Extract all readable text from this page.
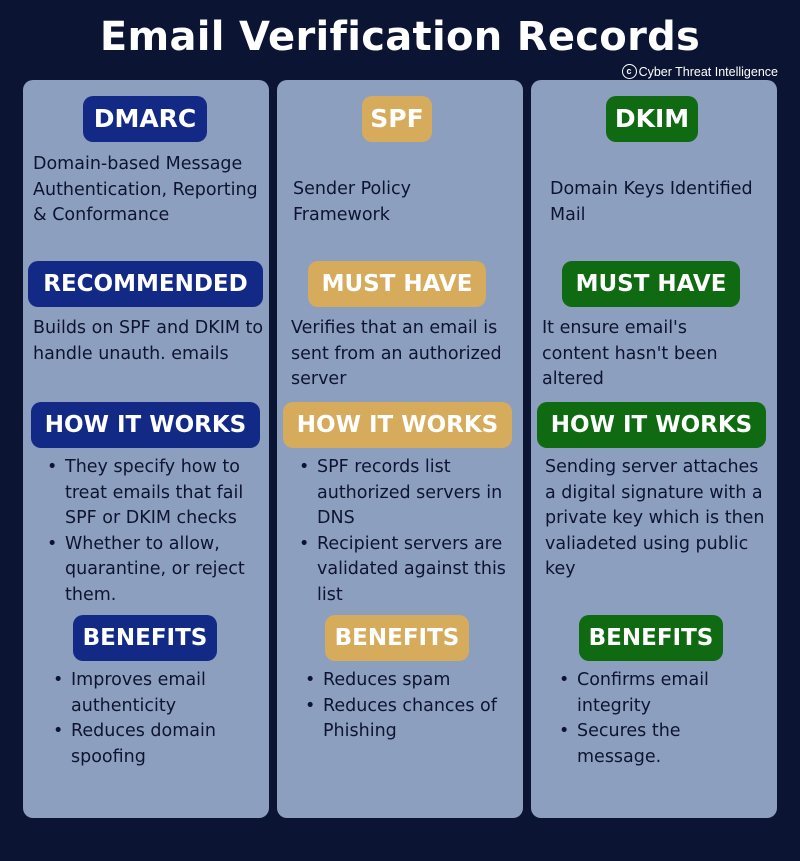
Email Verification Records
c Cyber Threat Intelligence
DMARC
Domain-based Message Authentication, Reporting & Conformance
RECOMMENDED
Builds on SPF and DKIM to handle unauth. emails
HOW IT WORKS
• They specify how to treat emails that fail SPF or DKIM checks
• Whether to allow, quarantine, or reject them.
BENEFITS
• Improves email authenticity
• Reduces domain spoofing
SPF
Sender Policy Framework
MUST HAVE
Verifies that an email is sent from an authorized server
HOW IT WORKS
• SPF records list authorized servers in DNS
• Recipient servers are validated against this list
BENEFITS
• Reduces spam
• Reduces chances of Phishing
DKIM
Domain Keys Identified Mail
MUST HAVE
It ensure email's content hasn't been altered
HOW IT WORKS
Sending server attaches a digital signature with a private key which is then valiadeted using public key
BENEFITS
• Confirms email integrity
• Secures the message.
